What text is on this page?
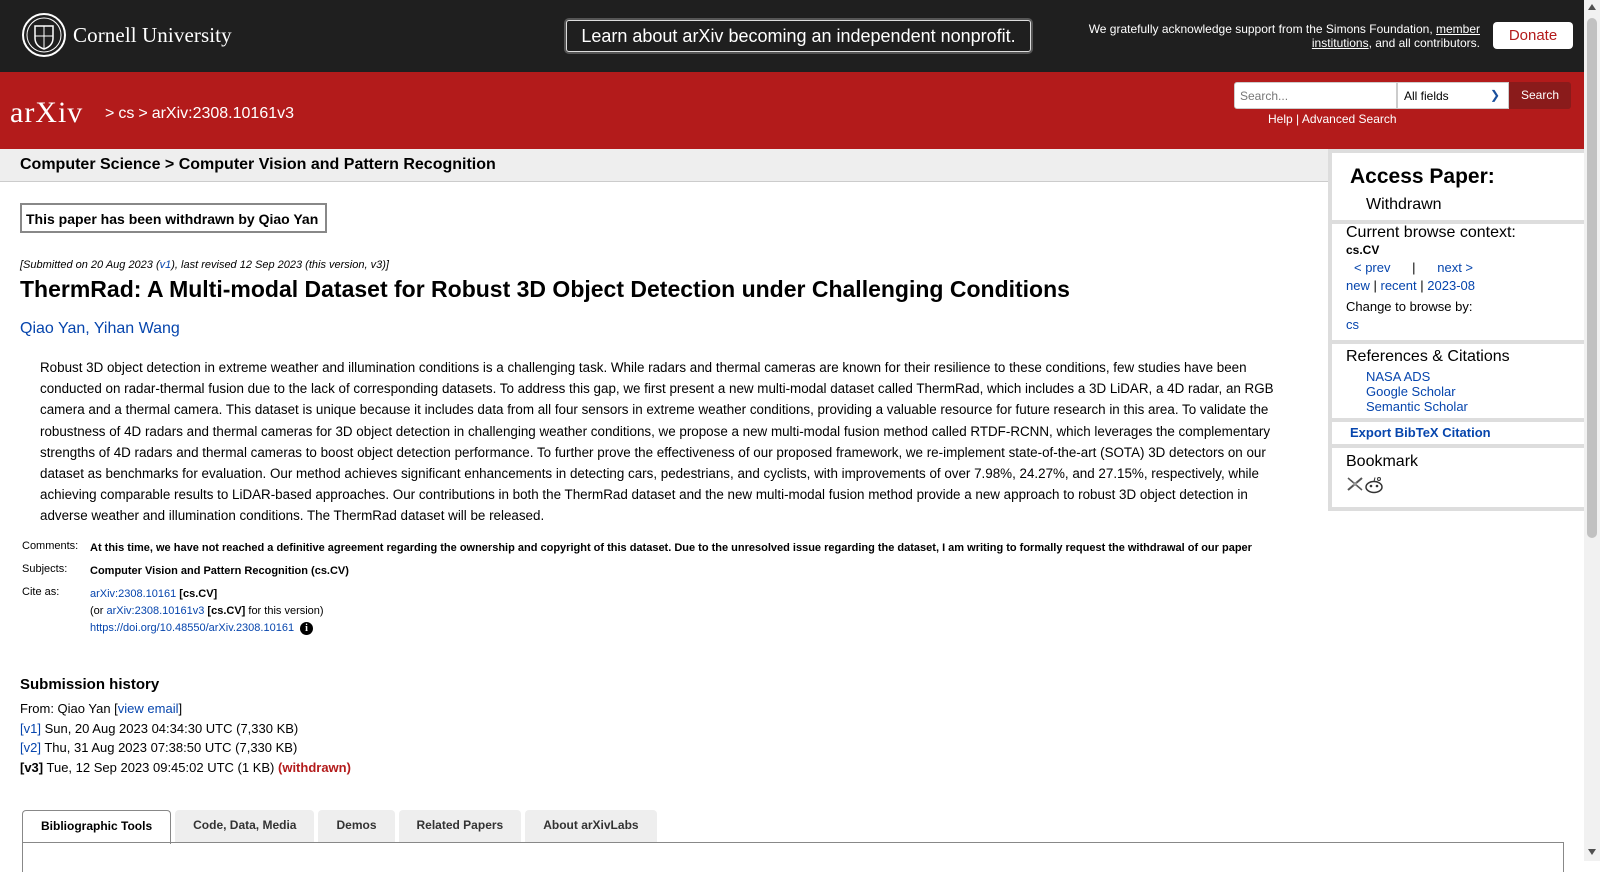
Cornell University	Learn about arXiv becoming an independent nonprofit.	We gratefully acknowledge support from the Simons Foundation, member institutions, and all contributors.	Donate
arXiv > cs > arXiv:2308.10161v3
Search...	All fields	❯	Search
Help | Advanced Search
Computer Science > Computer Vision and Pattern Recognition
This paper has been withdrawn by Qiao Yan
[Submitted on 20 Aug 2023 (v1), last revised 12 Sep 2023 (this version, v3)]
ThermRad: A Multi-modal Dataset for Robust 3D Object Detection under Challenging Conditions
Qiao Yan, Yihan Wang
Robust 3D object detection in extreme weather and illumination conditions is a challenging task. While radars and thermal cameras are known for their resilience to these conditions, few studies have been conducted on radar-thermal fusion due to the lack of corresponding datasets. To address this gap, we first present a new multi-modal dataset called ThermRad, which includes a 3D LiDAR, a 4D radar, an RGB camera and a thermal camera. This dataset is unique because it includes data from all four sensors in extreme weather conditions, providing a valuable resource for future research in this area. To validate the robustness of 4D radars and thermal cameras for 3D object detection in challenging weather conditions, we propose a new multi-modal fusion method called RTDF-RCNN, which leverages the complementary strengths of 4D radars and thermal cameras to boost object detection performance. To further prove the effectiveness of our proposed framework, we re-implement state-of-the-art (SOTA) 3D detectors on our dataset as benchmarks for evaluation. Our method achieves significant enhancements in detecting cars, pedestrians, and cyclists, with improvements of over 7.98%, 24.27%, and 27.15%, respectively, while achieving comparable results to LiDAR-based approaches. Our contributions in both the ThermRad dataset and the new multi-modal fusion method provide a new approach to robust 3D object detection in adverse weather and illumination conditions. The ThermRad dataset will be released.
Comments:	At this time, we have not reached a definitive agreement regarding the ownership and copyright of this dataset. Due to the unresolved issue regarding the dataset, I am writing to formally request the withdrawal of our paper
Subjects:	Computer Vision and Pattern Recognition (cs.CV)
Cite as:	arXiv:2308.10161 [cs.CV]
(or arXiv:2308.10161v3 [cs.CV] for this version)
https://doi.org/10.48550/arXiv.2308.10161 i
Submission history
From: Qiao Yan [view email]
[v1] Sun, 20 Aug 2023 04:34:30 UTC (7,330 KB)
[v2] Thu, 31 Aug 2023 07:38:50 UTC (7,330 KB)
[v3] Tue, 12 Sep 2023 09:45:02 UTC (1 KB) (withdrawn)
Bibliographic Tools	Code, Data, Media	Demos	Related Papers	About arXivLabs
Access Paper:
Withdrawn
Current browse context:
cs.CV
< prev | next >
new | recent | 2023-08
Change to browse by:
cs
References & Citations
NASA ADS
Google Scholar
Semantic Scholar
Export BibTeX Citation
Bookmark
